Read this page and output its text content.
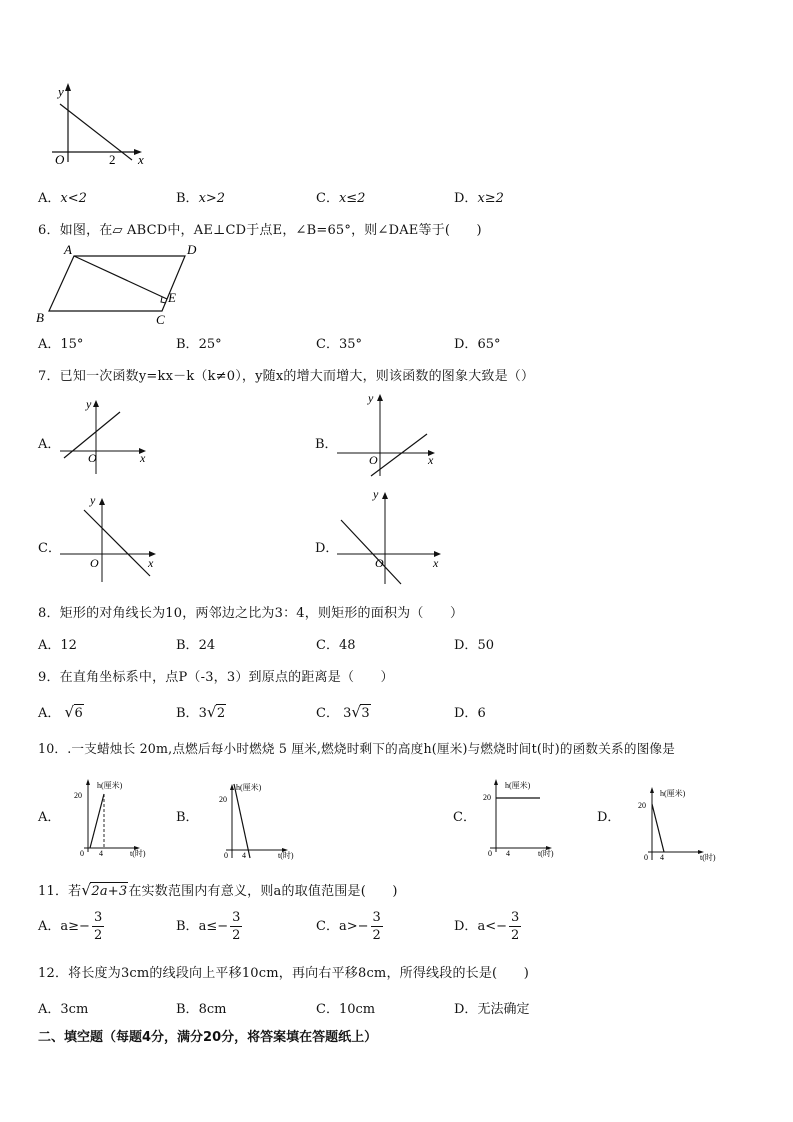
y
O	2 x
A．x<2	B．x>2	C．x≤2	D．x≥2
6．如图，在▱ ABCD中，AE⊥CD于点E，∠B=65°，则∠DAE等于(　　)
A	D
E
B	C
A．15°	B．25°	C．35°	D．65°
7．已知一次函数y=kx－k（k≠0），y随x的增大而增大，则该函数的图象大致是（）
A．
y
O	x
B．
y
O	x
C．
y
O	x
D．
y
O	x
8．矩形的对角线长为10，两邻边之比为3：4，则矩形的面积为（　　）
A．12	B．24	C．48	D．50
9．在直角坐标系中，点P（-3，3）到原点的距离是（　　）
A． √ 6	B．3 √ 2	C． 3 √ 3	D．6
10．.一支蜡烛长 20m,点燃后每小时燃烧 5 厘米,燃烧时剩下的高度h(厘米)与燃烧时间t(时)的函数关系的图像是
A．
h(厘米)
20
0 4	t(时)
B．
h(厘米)
20
0 4	t(时)
C．
h(厘米)
20
0 4	t(时)
D．
h(厘米)
20
0 4	t(时)
11．若 √ 2a+3在实数范围内有意义，则a的取值范围是(　　)
A．$a\ge- \frac{3}{2}$	B．$a\le- \frac{3}{2}$	C．$a>- \frac{3}{2}$	D．$a<- \frac{3}{2}$
12．将长度为3cm的线段向上平移10cm，再向右平移8cm，所得线段的长是(　　)
A．3cm	B．8cm	C．10cm	D．无法确定
二、填空题（每题4分，满分20分，将答案填在答题纸上）
